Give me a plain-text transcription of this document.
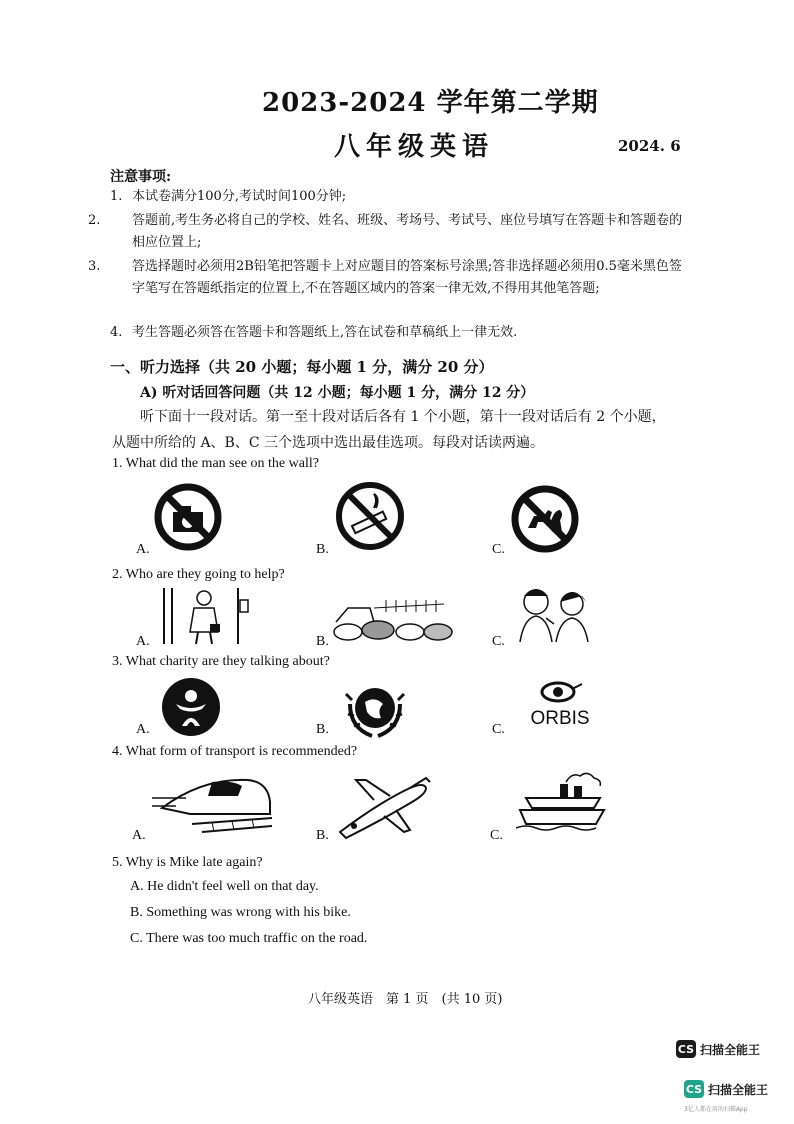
2023-2024 学年第二学期
八年级英语	2024. 6
注意事项:
1. 本试卷满分100分,考试时间100分钟;
2. 答题前,考生务必将自己的学校、姓名、班级、考场号、考试号、座位号填写在答题卡和答题卷的相应位置上;
3. 答选择题时必须用2B铅笔把答题卡上对应题目的答案标号涂黑;答非选择题必须用0.5毫米黑色签字笔写在答题纸指定的位置上,不在答题区域内的答案一律无效,不得用其他笔答题;
4. 考生答题必须答在答题卡和答题纸上,答在试卷和草稿纸上一律无效.
一、听力选择（共 20 小题；每小题 1 分，满分 20 分）
A) 听对话回答问题（共 12 小题；每小题 1 分，满分 12 分）
听下面十一段对话。第一至十段对话后各有 1 个小题，第十一段对话后有 2 个小题，从题中所给的 A、B、C 三个选项中选出最佳选项。每段对话读两遍。
1. What did the man see on the wall?
A.	B.	C.
2. Who are they going to help?
A.	B.	C.
3. What charity are they talking about?
A.	B.	C.
ORBIS
4. What form of transport is recommended?
A.	B.	C.
5. Why is Mike late again?
A. He didn't feel well on that day.
B. Something was wrong with his bike.
C. There was too much traffic on the road.
八年级英语　第 1 页　(共 10 页)
CS 扫描全能王
CS 扫描全能王
3亿人都在用的扫描App
